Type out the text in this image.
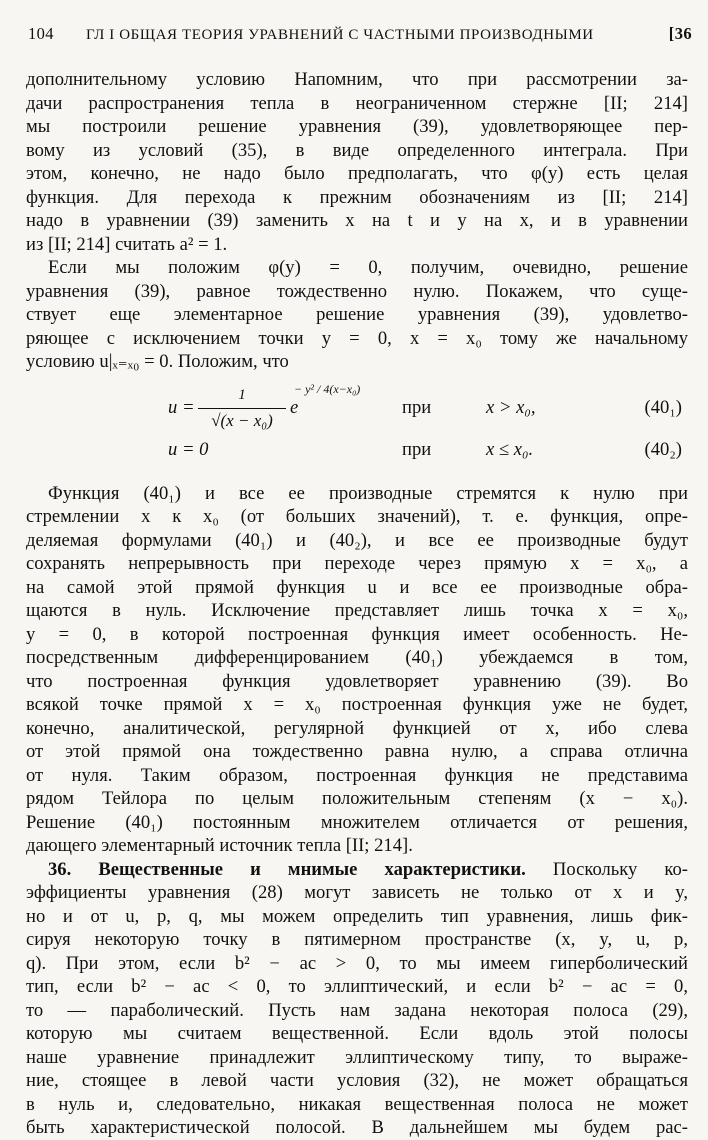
104	ГЛ I ОБЩАЯ ТЕОРИЯ УРАВНЕНИЙ С ЧАСТНЫМИ ПРОИЗВОДНЫМИ	[36
дополнительному условию Напомним, что при рассмотрении за-
дачи распространения тепла в неограниченном стержне [II; 214]
мы построили решение уравнения (39), удовлетворяющее пер-
вому из условий (35), в виде определенного интеграла. При
этом, конечно, не надо было предполагать, что φ(y) есть целая
функция. Для перехода к прежним обозначениям из [II; 214]
надо в уравнении (39) заменить x на t и y на x, и в уравнении
из [II; 214] считать a² = 1.
Если мы положим φ(y) = 0, получим, очевидно, решение
уравнения (39), равное тождественно нулю. Покажем, что суще-
ствует еще элементарное решение уравнения (39), удовлетво-
ряющее с исключением точки y = 0, x = x₀ тому же начальному
условию u|ₓ₌ₓ₀ = 0. Положим, что
$u = \frac{1}{\text{√(x − x₀)}}$ e
− y² / 4(x−x₀)
при	x > x₀,	(40₁)
u = 0	при	x ≤ x₀.	(40₂)
Функция (40₁) и все ее производные стремятся к нулю при
стремлении x к x₀ (от больших значений), т. е. функция, опре-
деляемая формулами (40₁) и (40₂), и все ее производные будут
сохранять непрерывность при переходе через прямую x = x₀, а
на самой этой прямой функция u и все ее производные обра-
щаются в нуль. Исключение представляет лишь точка x = x₀,
y = 0, в которой построенная функция имеет особенность. Не-
посредственным дифференцированием (40₁) убеждаемся в том,
что построенная функция удовлетворяет уравнению (39). Во
всякой точке прямой x = x₀ построенная функция уже не будет,
конечно, аналитической, регулярной функцией от x, ибо слева
от этой прямой она тождественно равна нулю, а справа отлична
от нуля. Таким образом, построенная функция не представима
рядом Тейлора по целым положительным степеням (x − x₀).
Решение (40₁) постоянным множителем отличается от решения,
дающего элементарный источник тепла [II; 214].
36. Вещественные и мнимые характеристики. Поскольку ко-
эффициенты уравнения (28) могут зависеть не только от x и y,
но и от u, p, q, мы можем определить тип уравнения, лишь фик-
сируя некоторую точку в пятимерном пространстве (x, y, u, p,
q). При этом, если b² − ac > 0, то мы имеем гиперболический
тип, если b² − ac < 0, то эллиптический, и если b² − ac = 0,
то — параболический. Пусть нам задана некоторая полоса (29),
которую мы считаем вещественной. Если вдоль этой полосы
наше уравнение принадлежит эллиптическому типу, то выраже-
ние, стоящее в левой части условия (32), не может обращаться
в нуль и, следовательно, никакая вещественная полоса не может
быть характеристической полосой. В дальнейшем мы будем рас-
